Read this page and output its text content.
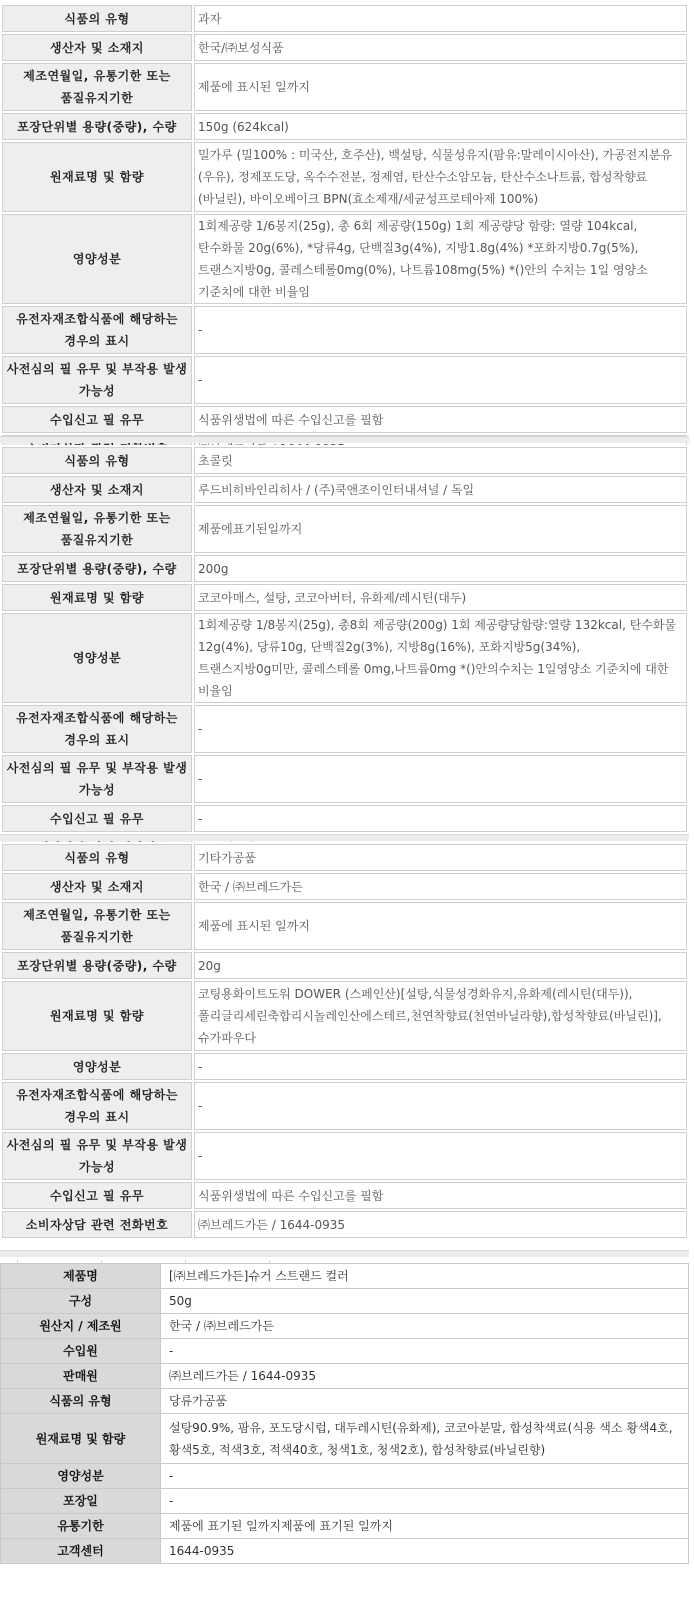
식품의 유형	과자
생산자 및 소재지	한국/㈜보성식품
제조연월일, 유통기한 또는 품질유지기한	제품에 표시된 일까지
포장단위별 용량(중량), 수량	150g (624kcal)
원재료명 및 함량	밀가루 (밀100% : 미국산, 호주산), 백설탕, 식물성유지(팜유:말레이시아산), 가공전지분유(우유), 정제포도당, 옥수수전분, 정제염, 탄산수소암모늄, 탄산수소나트륨, 합성착향료(바닐린), 바이오베이크 BPN(효소제재/세균성프로테아제 100%)
영양성분	1회제공량 1/6봉지(25g), 총 6회 제공량(150g) 1회 제공량당 함량: 열량 104kcal, 탄수화물 20g(6%), *당류4g, 단백질3g(4%), 지방1.8g(4%) *포화지방0.7g(5%), 트랜스지방0g, 콜레스테롤0mg(0%), 나트륨108mg(5%) *()안의 수치는 1일 영양소 기준치에 대한 비율임
유전자재조합식품에 해당하는 경우의 표시	-
사전심의 필 유무 및 부작용 발생 가능성	-
수입신고 필 유무	식품위생법에 따른 수입신고를 필함

식품의 유형	초콜릿
생산자 및 소재지	루드비히바인리히사 / (주)쿡앤조이인터내셔널 / 독일
제조연월일, 유통기한 또는 품질유지기한	제품에표기된일까지
포장단위별 용량(중량), 수량	200g
원재료명 및 함량	코코아매스, 설탕, 코코아버터, 유화제/레시틴(대두)
영양성분	1회제공량 1/8봉지(25g), 총8회 제공량(200g) 1회 제공량당함량:열량 132kcal, 탄수화물 12g(4%), 당류10g, 단백질2g(3%), 지방8g(16%), 포화지방5g(34%), 트랜스지방0g미만, 콜레스테롤 0mg,나트륨0mg *()안의수치는 1일영양소 기준치에 대한 비율임
유전자재조합식품에 해당하는 경우의 표시	-
사전심의 필 유무 및 부작용 발생 가능성	-
수입신고 필 유무	-

식품의 유형	기타가공품
생산자 및 소재지	한국 / ㈜브레드가든
제조연월일, 유통기한 또는 품질유지기한	제품에 표시된 일까지
포장단위별 용량(중량), 수량	20g
원재료명 및 함량	코팅용화이트도워 DOWER (스페인산)[설탕,식물성경화유지,유화제(레시틴(대두)),폴리글리세린축합리시놀레인산에스테르,천연착향료(천연바닐라향),합성착향료(바닐린)],슈가파우다
영양성분	-
유전자재조합식품에 해당하는 경우의 표시	-
사전심의 필 유무 및 부작용 발생 가능성	-
수입신고 필 유무	식품위생법에 따른 수입신고를 필함
소비자상담 관련 전화번호	㈜브레드가든 / 1644-0935
제품명	[㈜브레드가든]슈거 스트랜드 컬러
구성	50g
원산지 / 제조원	한국 / ㈜브레드가든
수입원	-
판매원	㈜브레드가든 / 1644-0935
식품의 유형	당류가공품
원재료명 및 함량	설탕90.9%, 팜유, 포도당시럽, 대두레시틴(유화제), 코코아분말, 합성착색료(식용 색소 황색4호, 황색5호, 적색3호, 적색40호, 청색1호, 청색2호), 합성착향료(바닐린향)
영양성분	-
포장일	-
유통기한	제품에 표기된 일까지제품에 표기된 일까지
고객센터	1644-0935
